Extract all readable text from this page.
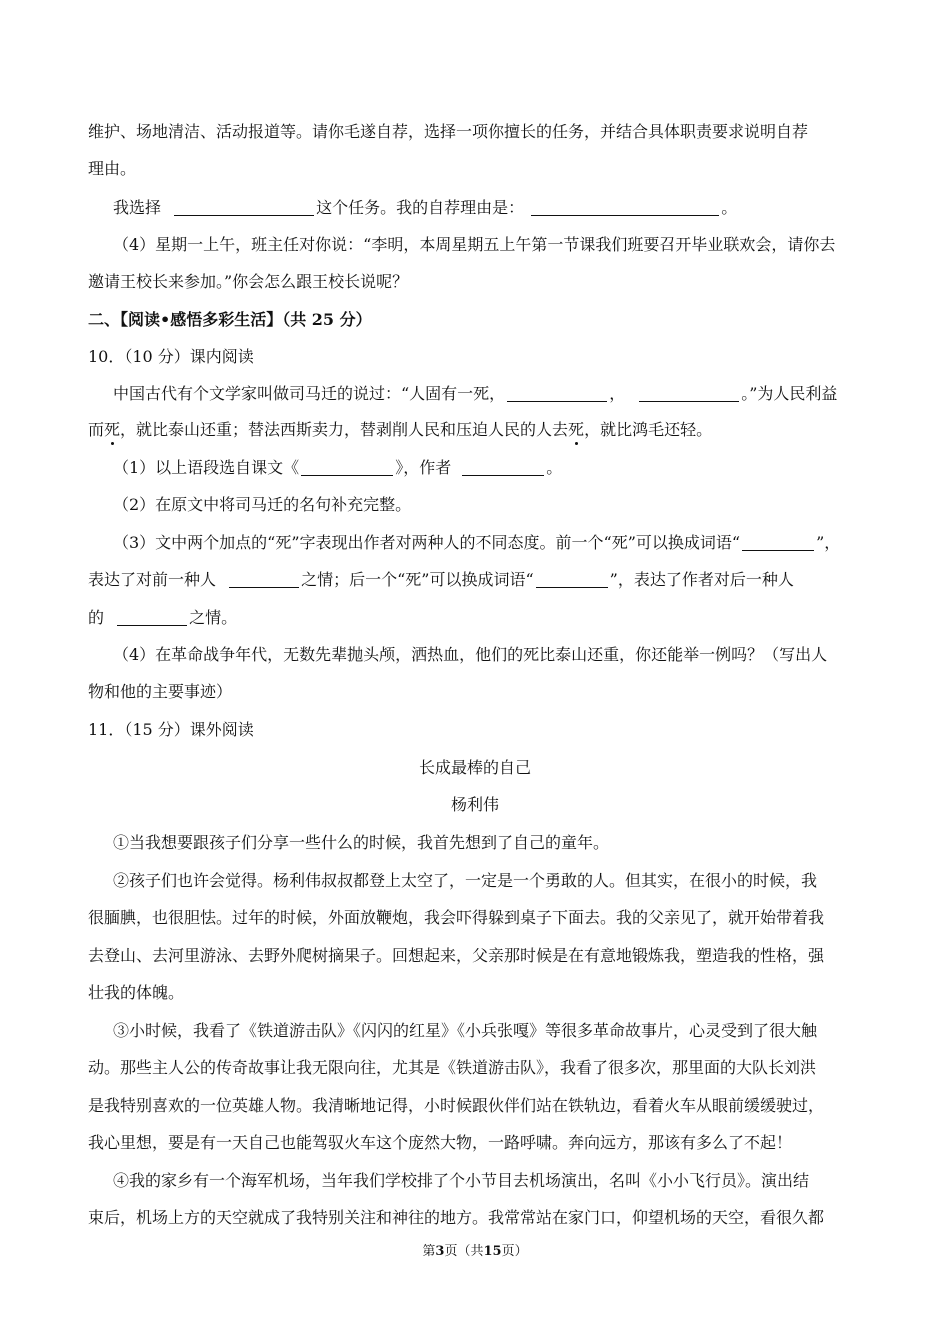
维护、场地清洁、活动报道等。请你毛遂自荐，选择一项你擅长的任务，并结合具体职责要求说明自荐
理由。
我选择	这个任务。我的自荐理由是：	。
（4）星期一上午，班主任对你说：“李明，本周星期五上午第一节课我们班要召开毕业联欢会，请你去
邀请王校长来参加。”你会怎么跟王校长说呢？
二、【阅读•感悟多彩生活】（共 25 分）
10．（10 分）课内阅读
中国古代有个文学家叫做司马迁的说过：“人固有一死，	，	。”为人民利益
而死，就比泰山还重；替法西斯卖力，替剥削人民和压迫人民的人去死，就比鸿毛还轻。
（1）以上语段选自课文《	》，作者	。
（2）在原文中将司马迁的名句补充完整。
（3）文中两个加点的“死”字表现出作者对两种人的不同态度。前一个“死”可以换成词语“	”，
表达了对前一种人	之情；后一个“死”可以换成词语“	”，表达了作者对后一种人
的	之情。
（4）在革命战争年代，无数先辈抛头颅，洒热血，他们的死比泰山还重，你还能举一例吗？（写出人
物和他的主要事迹）
11．（15 分）课外阅读
长成最棒的自己
杨利伟
①当我想要跟孩子们分享一些什么的时候，我首先想到了自己的童年。
②孩子们也许会觉得。杨利伟叔叔都登上太空了，一定是一个勇敢的人。但其实，在很小的时候，我
很腼腆，也很胆怯。过年的时候，外面放鞭炮，我会吓得躲到桌子下面去。我的父亲见了，就开始带着我
去登山、去河里游泳、去野外爬树摘果子。回想起来，父亲那时候是在有意地锻炼我，塑造我的性格，强
壮我的体魄。
③小时候，我看了《铁道游击队》《闪闪的红星》《小兵张嘎》等很多革命故事片，心灵受到了很大触
动。那些主人公的传奇故事让我无限向往，尤其是《铁道游击队》，我看了很多次，那里面的大队长刘洪
是我特别喜欢的一位英雄人物。我清晰地记得，小时候跟伙伴们站在铁轨边，看着火车从眼前缓缓驶过，
我心里想，要是有一天自己也能驾驭火车这个庞然大物，一路呼啸。奔向远方，那该有多么了不起！
④我的家乡有一个海军机场，当年我们学校排了个小节目去机场演出，名叫《小小飞行员》。演出结
束后，机场上方的天空就成了我特别关注和神往的地方。我常常站在家门口，仰望机场的天空，看很久都
第3页（共15页）
